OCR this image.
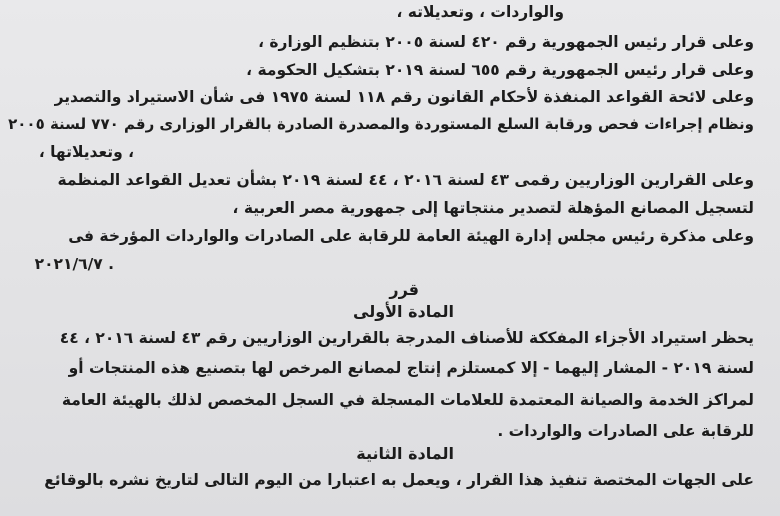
والواردات ، وتعديلاته ،
وعلى قرار رئيس الجمهورية رقم ٤٢٠ لسنة ٢٠٠٥ بتنظيم الوزارة ،
وعلى قرار رئيس الجمهورية رقم ٦٥٥ لسنة ٢٠١٩ بتشكيل الحكومة ،
وعلى لائحة القواعد المنفذة لأحكام القانون رقم ١١٨ لسنة ١٩٧٥ فى شأن الاستيراد والتصدير
ونظام إجراءات فحص ورقابة السلع المستوردة والمصدرة الصادرة بالقرار الوزارى رقم ٧٧٠ لسنة ٢٠٠٥
، وتعديلاتها ،
وعلى القرارين الوزاريين رقمى ٤٣ لسنة ٢٠١٦ ، ٤٤ لسنة ٢٠١٩ بشأن تعديل القواعد المنظمة
لتسجيل المصانع المؤهلة لتصدير منتجاتها إلى جمهورية مصر العربية ،
وعلى مذكرة رئيس مجلس إدارة الهيئة العامة للرقابة على الصادرات والواردات المؤرخة فى
٢٠٢١/٦/٧ .
قرر
المادة الأولى
يحظر استيراد الأجزاء المفككة للأصناف المدرجة بالقرارين الوزاريين رقم ٤٣ لسنة ٢٠١٦ ، ٤٤
لسنة ٢٠١٩ - المشار إليهما - إلا كمستلزم إنتاج لمصانع المرخص لها بتصنيع هذه المنتجات أو
لمراكز الخدمة والصيانة المعتمدة للعلامات المسجلة في السجل المخصص لذلك بالهيئة العامة
للرقابة على الصادرات والواردات .
المادة الثانية
على الجهات المختصة تنفيذ هذا القرار ، ويعمل به اعتبارا من اليوم التالى لتاريخ نشره بالوقائع
